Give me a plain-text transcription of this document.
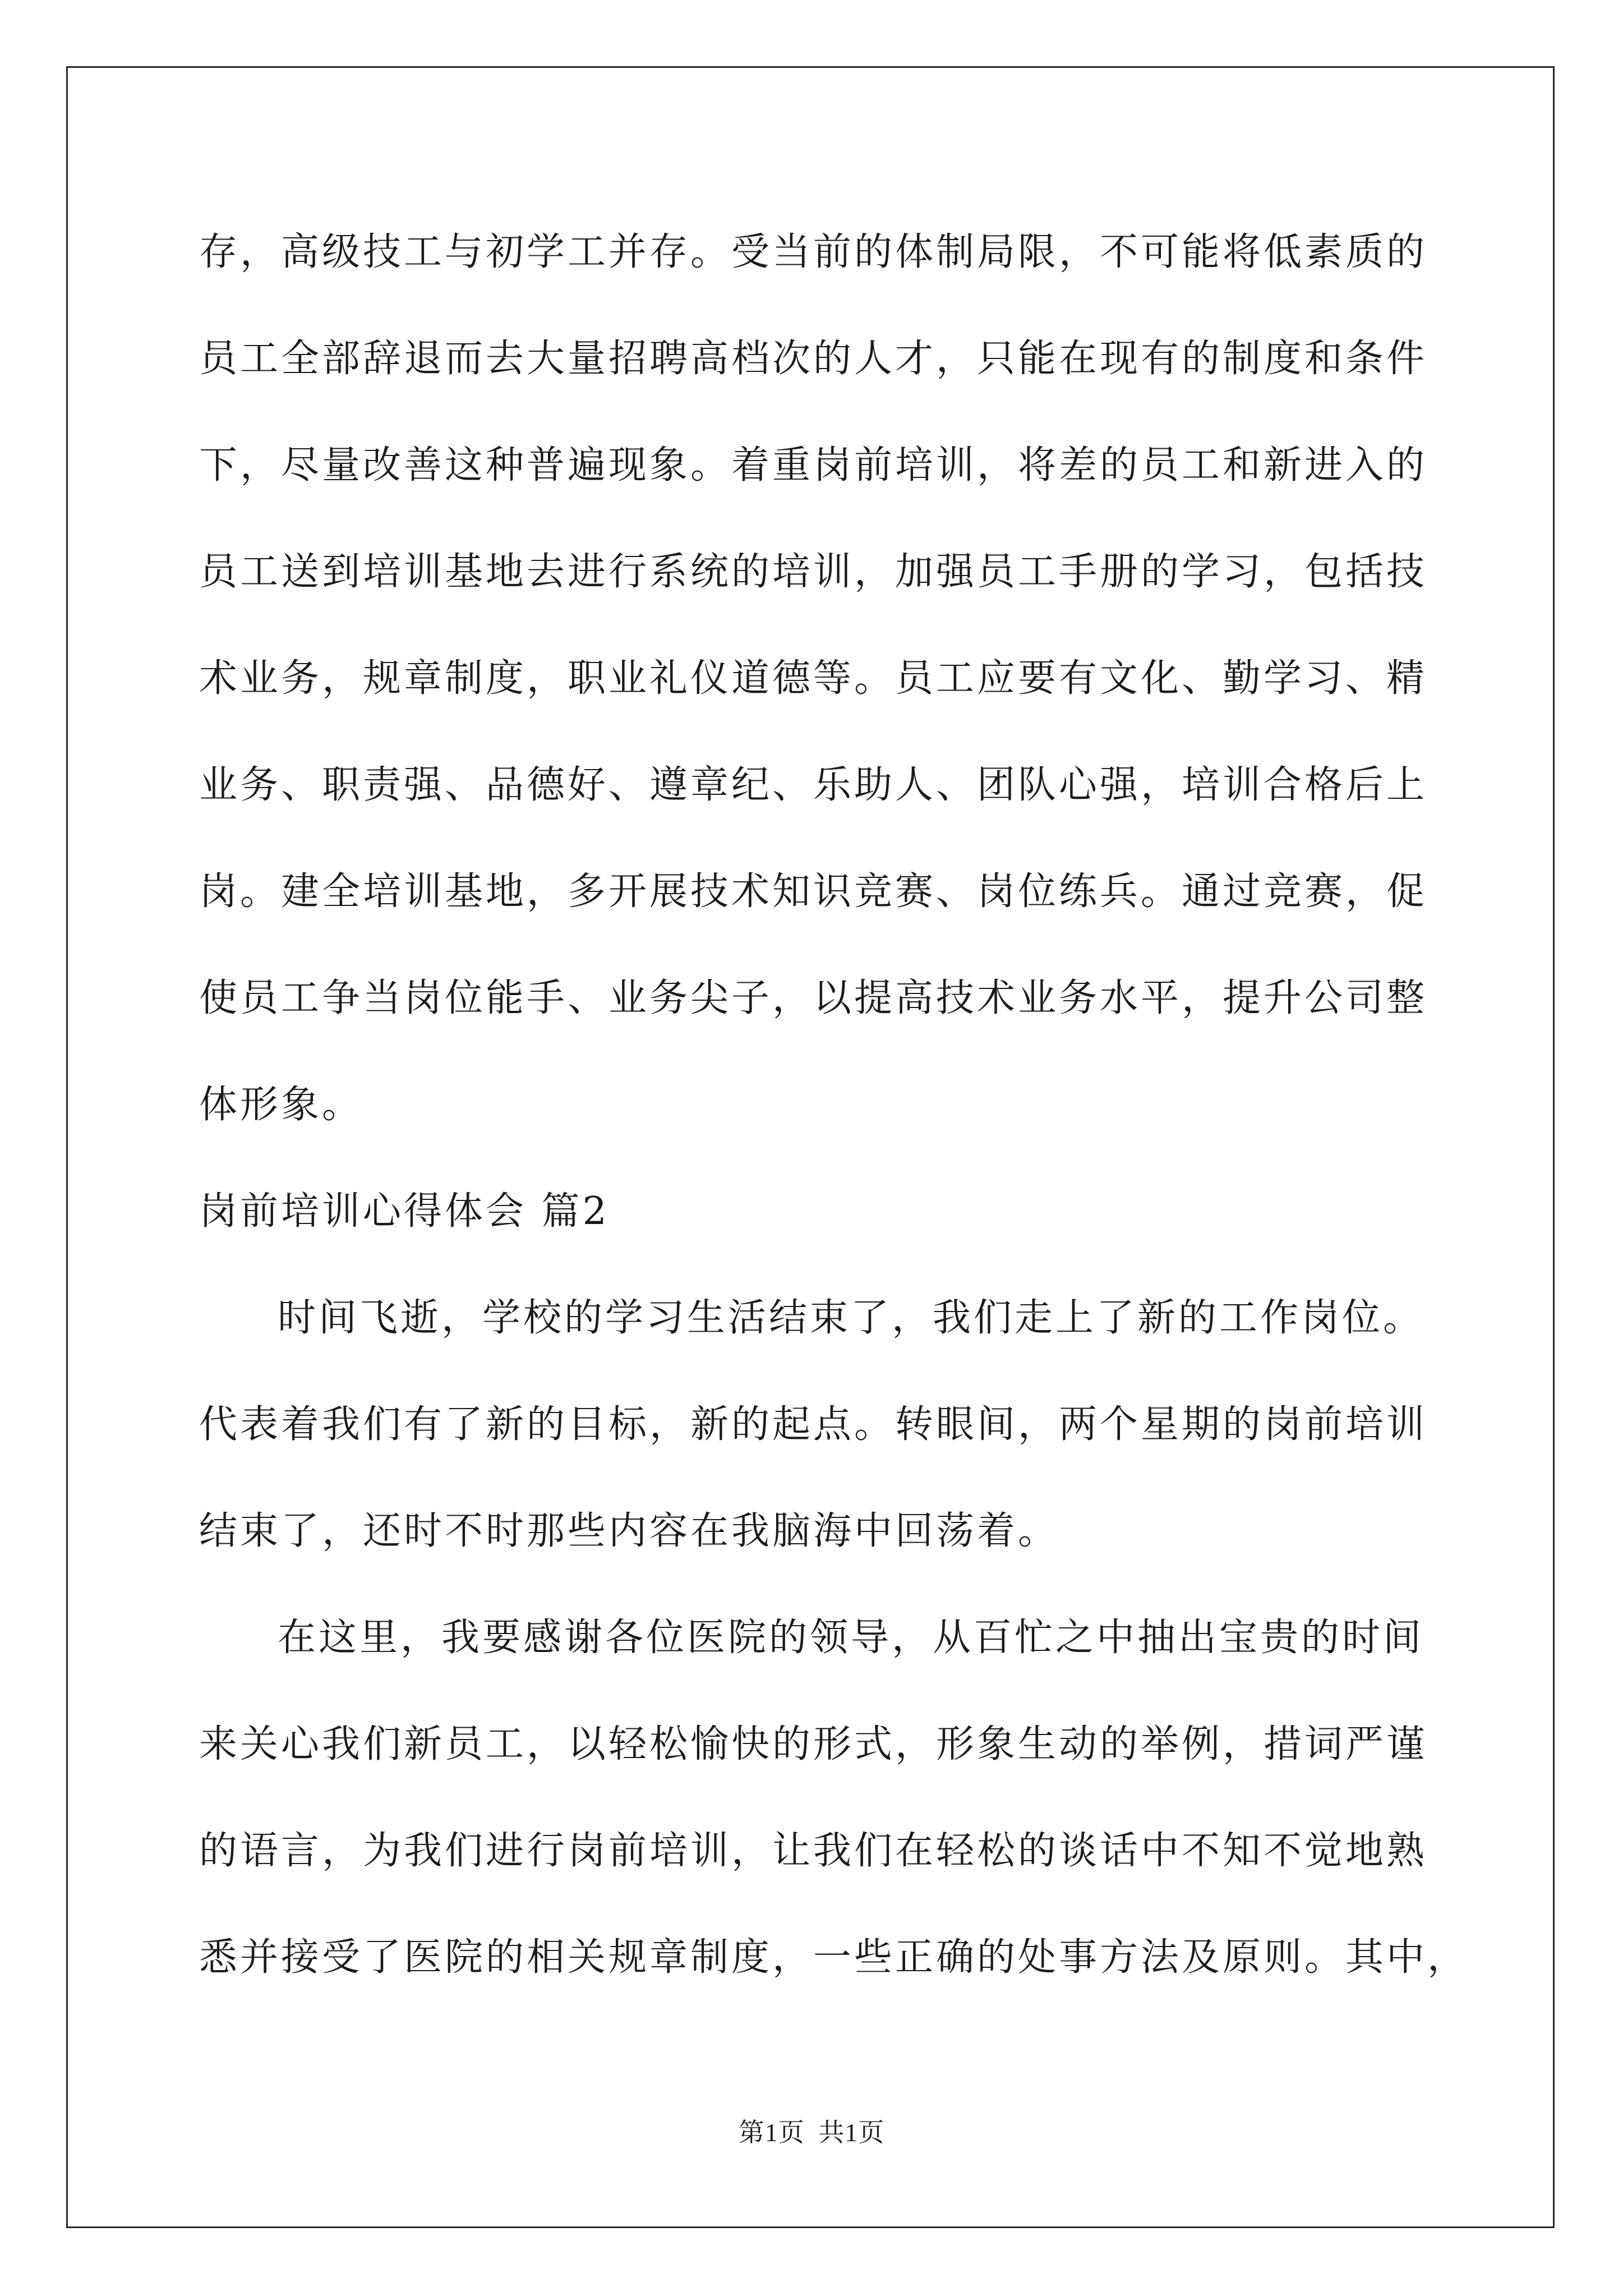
存，高级技工与初学工并存。受当前的体制局限，不可能将低素质的
员工全部辞退而去大量招聘高档次的人才，只能在现有的制度和条件
下，尽量改善这种普遍现象。着重岗前培训，将差的员工和新进入的
员工送到培训基地去进行系统的培训，加强员工手册的学习，包括技
术业务，规章制度，职业礼仪道德等。员工应要有文化、勤学习、精
业务、职责强、品德好、遵章纪、乐助人、团队心强，培训合格后上
岗。建全培训基地，多开展技术知识竞赛、岗位练兵。通过竞赛，促
使员工争当岗位能手、业务尖子，以提高技术业务水平，提升公司整
体形象。
岗前培训心得体会 篇2
时间飞逝，学校的学习生活结束了，我们走上了新的工作岗位。
代表着我们有了新的目标，新的起点。转眼间，两个星期的岗前培训
结束了，还时不时那些内容在我脑海中回荡着。
在这里，我要感谢各位医院的领导，从百忙之中抽出宝贵的时间
来关心我们新员工，以轻松愉快的形式，形象生动的举例，措词严谨
的语言，为我们进行岗前培训，让我们在轻松的谈话中不知不觉地熟
悉并接受了医院的相关规章制度，一些正确的处事方法及原则。其中，
第1页 共1页
